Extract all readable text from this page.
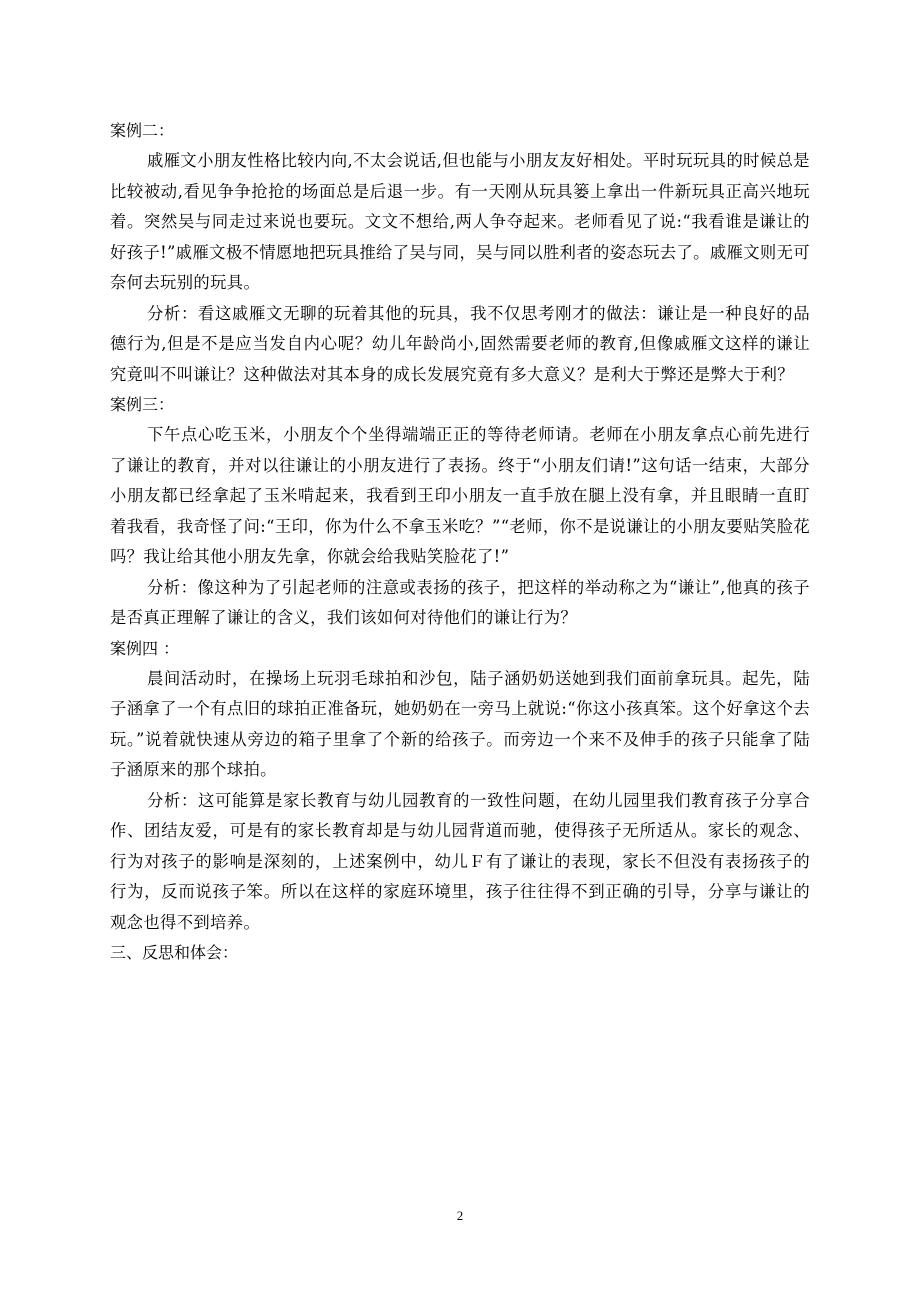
案例二：

戚雁文小朋友性格比较内向,不太会说话,但也能与小朋友友好相处。平时玩玩具的时候总是比较被动,看见争争抢抢的场面总是后退一步。有一天刚从玩具篓上拿出一件新玩具正高兴地玩着。突然吴与同走过来说也要玩。文文不想给,两人争夺起来。老师看见了说:“我看谁是谦让的好孩子!”戚雁文极不情愿地把玩具推给了吴与同，吴与同以胜利者的姿态玩去了。戚雁文则无可奈何去玩别的玩具。

分析：看这戚雁文无聊的玩着其他的玩具，我不仅思考刚才的做法：谦让是一种良好的品德行为,但是不是应当发自内心呢？幼儿年龄尚小,固然需要老师的教育,但像戚雁文这样的谦让究竟叫不叫谦让？这种做法对其本身的成长发展究竟有多大意义？是利大于弊还是弊大于利？

案例三：

下午点心吃玉米，小朋友个个坐得端端正正的等待老师请。老师在小朋友拿点心前先进行了谦让的教育，并对以往谦让的小朋友进行了表扬。终于“小朋友们请!”这句话一结束，大部分小朋友都已经拿起了玉米啃起来，我看到王印小朋友一直手放在腿上没有拿，并且眼睛一直盯着我看，我奇怪了问:“王印，你为什么不拿玉米吃？”“老师，你不是说谦让的小朋友要贴笑脸花吗？我让给其他小朋友先拿，你就会给我贴笑脸花了!”

分析：像这种为了引起老师的注意或表扬的孩子，把这样的举动称之为“谦让”,他真的孩子是否真正理解了谦让的含义，我们该如何对待他们的谦让行为？

案例四 ：

晨间活动时，在操场上玩羽毛球拍和沙包，陆子涵奶奶送她到我们面前拿玩具。起先，陆子涵拿了一个有点旧的球拍正准备玩，她奶奶在一旁马上就说:“你这小孩真笨。这个好拿这个去玩。”说着就快速从旁边的箱子里拿了个新的给孩子。而旁边一个来不及伸手的孩子只能拿了陆子涵原来的那个球拍。

分析：这可能算是家长教育与幼儿园教育的一致性问题，在幼儿园里我们教育孩子分享合作、团结友爱，可是有的家长教育却是与幼儿园背道而驰，使得孩子无所适从。家长的观念、行为对孩子的影响是深刻的，上述案例中，幼儿Ｆ有了谦让的表现，家长不但没有表扬孩子的行为，反而说孩子笨。所以在这样的家庭环境里，孩子往往得不到正确的引导，分享与谦让的观念也得不到培养。

三、反思和体会：

2
